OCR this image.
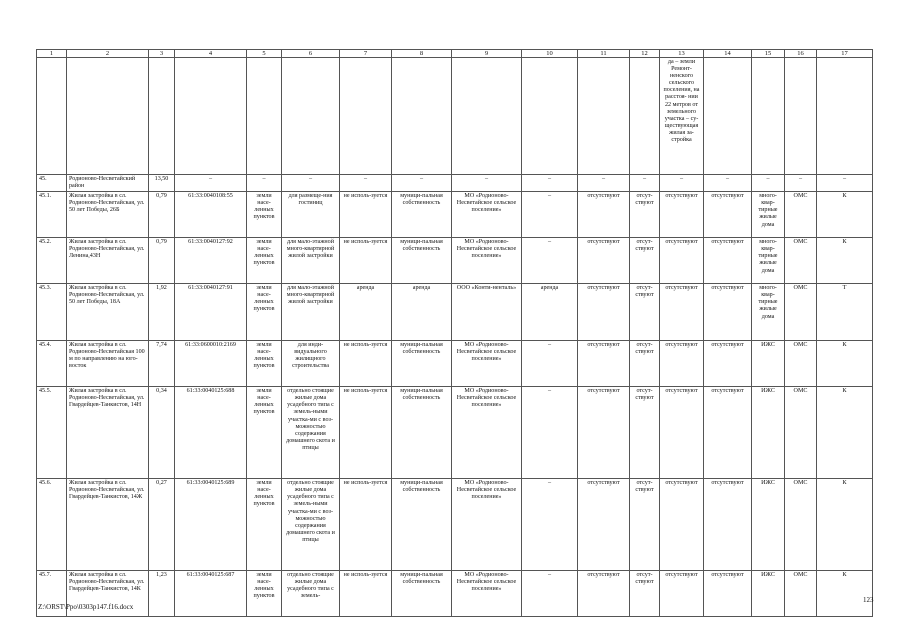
1	2	3	4	5	6	7	8	9	10	11	12	13	14	15	16	17
												да – земли Ремонт- ненского сельского поселения, на расстоя- нии 22 метров от земельного участка – су- ществующая жилая за- стройка				
45.	Родионово-Несветайский район	13,50	–	–	–	–	–	–	–	–	–	–	–	–	–	–
45.1.	Жилая застройка в сл. Родионово-Несветайская, ул. 50 лет Победы, 26Б	0,79	61:33:0040108:55	земли насе-ленных пунктов	для размеще-ния гостиниц	не исполь-зуется	муници-пальная собственность	МО «Родионово-Несветайское сельское поселение»	–	отсутствуют	отсут-ствуют	отсутствуют	отсутствуют	много-квар-тирные жилые дома	ОМС	К
45.2.	Жилая застройка в сл. Родионово-Несветайская, ул. Ленина,43Н	0,79	61:33:0040127:92	земли насе-ленных пунктов	для мало-этажной много-квартирной жилой застройки	не исполь-зуется	муници-пальная собственность	МО «Родионово-Несветайское сельское поселение»	–	отсутствуют	отсут-ствуют	отсутствуют	отсутствуют	много-квар-тирные жилые дома	ОМС	К
45.3.	Жилая застройка в сл. Родионово-Несветайская, ул. 50 лет Победы, 18А	1,92	61:33:0040127:91	земли насе-ленных пунктов	для мало-этажной много-квартирной жилой застройки	аренда	аренда	ООО «Конти-ненталь»	аренда	отсутствуют	отсут-ствуют	отсутствуют	отсутствуют	много-квар-тирные жилые дома	ОМС	Т
45.4.	Жилая застройка в сл. Родионово-Несветайская 100 м по направлению на юго-восток	7,74	61:33:0600010:2169	земли насе-ленных пунктов	для инди-видуального жилищного строительства	не исполь-зуется	муници-пальная собственность	МО «Родионово-Несветайское сельское поселение»	–	отсутствуют	отсут-ствуют	отсутствуют	отсутствуют	ИЖС	ОМС	К
45.5.	Жилая застройка в сл. Родионово-Несветайская, ул. Гвардейцев-Танкистов, 14Н	0,34	61:33:0040125:688	земли насе-ленных пунктов	отдельно стоящие жилые дома усадебного типа с земель-ными участка-ми с воз-можностью содержания домашнего скота и птицы	не исполь-зуется	муници-пальная собственность	МО «Родионово-Несветайское сельское поселение»	–	отсутствуют	отсут-ствуют	отсутствуют	отсутствуют	ИЖС	ОМС	К
45.6.	Жилая застройка в сл. Родионово-Несветайская, ул. Гвардейцев-Танкистов, 14Ж	0,27	61:33:0040125:689	земли насе-ленных пунктов	отдельно стоящие жилые дома усадебного типа с земель-ными участка-ми с воз-можностью содержания домашнего скота и птицы	не исполь-зуется	муници-пальная собственность	МО «Родионово-Несветайское сельское поселение»	–	отсутствуют	отсут-ствуют	отсутствуют	отсутствуют	ИЖС	ОМС	К
45.7.	Жилая застройка в сл. Родионово-Несветайская, ул. Гвардейцев-Танкистов, 14К	1,23	61:33:0040125:687	земли насе-ленных пунктов	отдельно стоящие жилые дома усадебного типа с земель-	не исполь-зуется	муници-пальная собственность	МО «Родионово-Несветайское сельское поселение»	–	отсутствуют	отсут-ствуют	отсутствуют	отсутствуют	ИЖС	ОМС	К
Z:\ORST\Ppo\0303p147.f16.docx
123
